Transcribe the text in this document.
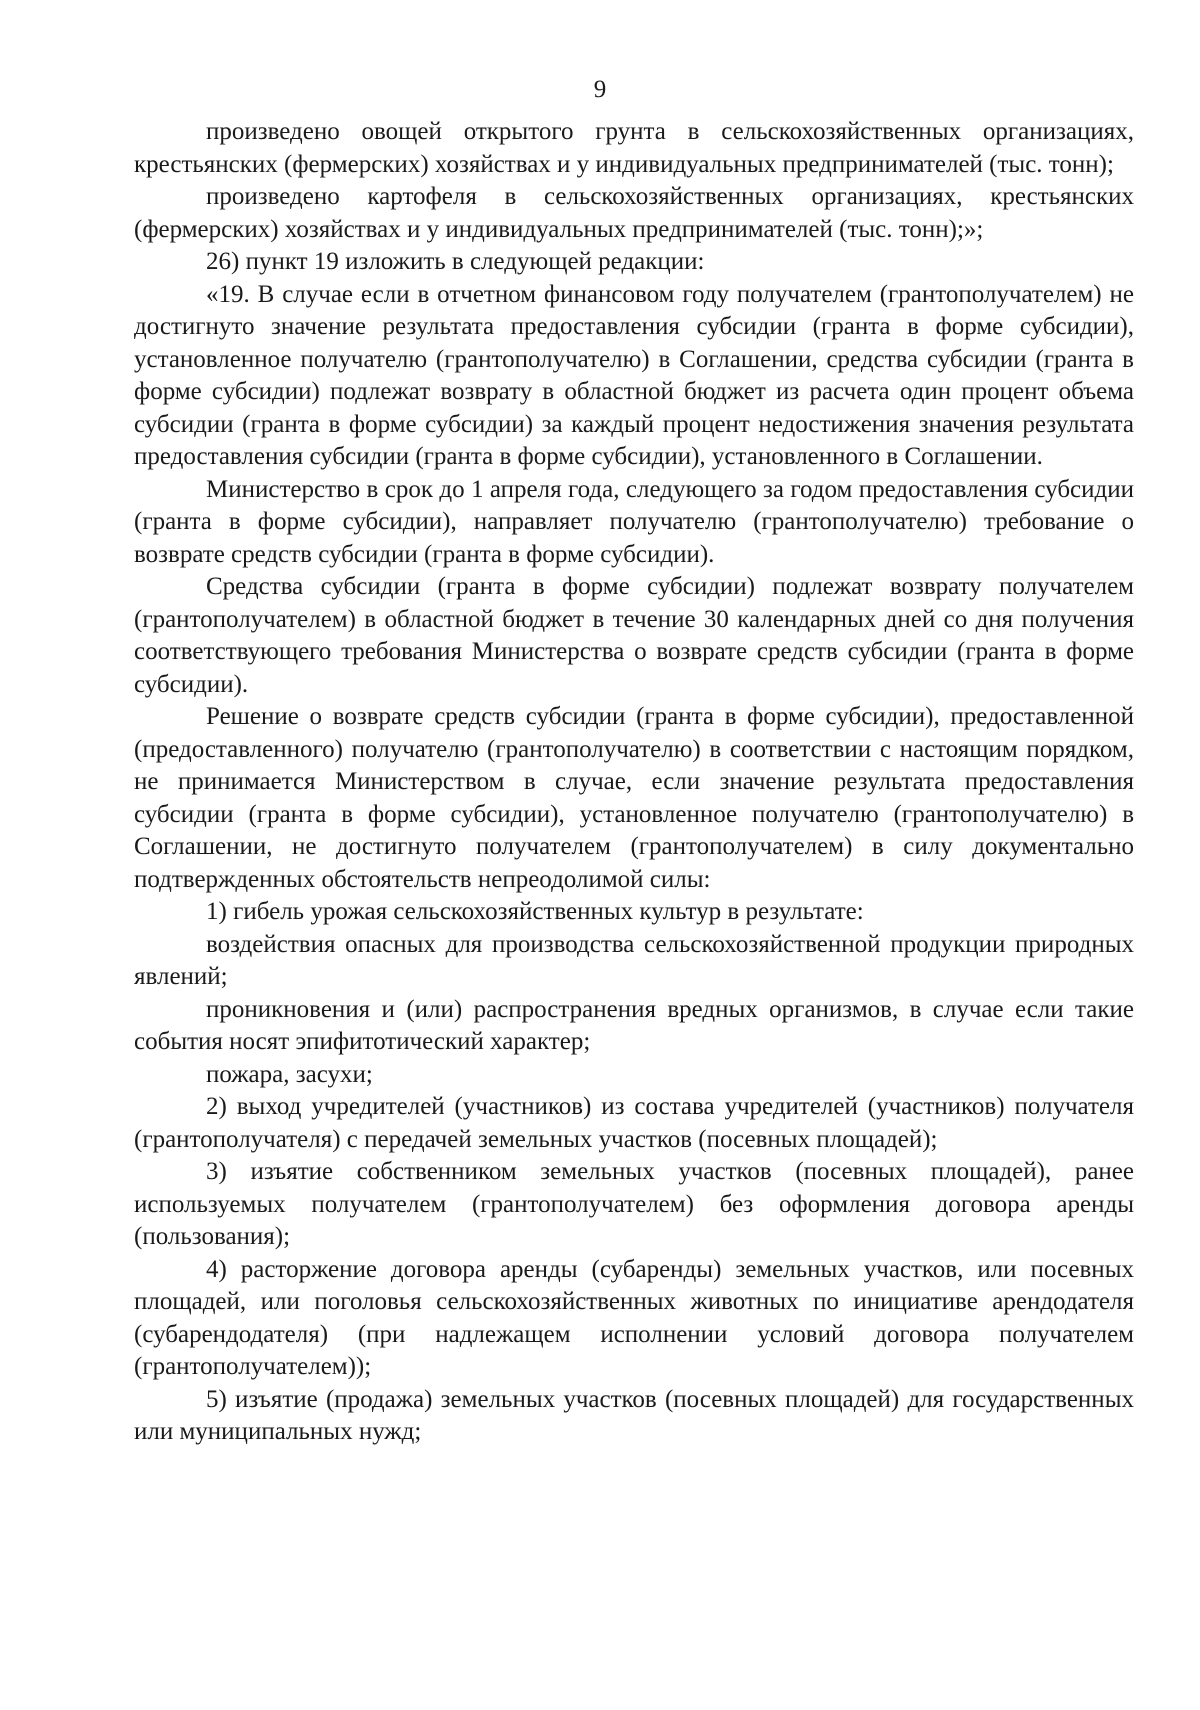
9

произведено овощей открытого грунта в сельскохозяйственных организациях, крестьянских (фермерских) хозяйствах и у индивидуальных предпринимателей (тыс. тонн);

произведено картофеля в сельскохозяйственных организациях, крестьянских (фермерских) хозяйствах и у индивидуальных предпринимателей (тыс. тонн);»;

26) пункт 19 изложить в следующей редакции:

«19. В случае если в отчетном финансовом году получателем (грантополучателем) не достигнуто значение результата предоставления субсидии (гранта в форме субсидии), установленное получателю (грантополучателю) в Соглашении, средства субсидии (гранта в форме субсидии) подлежат возврату в областной бюджет из расчета один процент объема субсидии (гранта в форме субсидии) за каждый процент недостижения значения результата предоставления субсидии (гранта в форме субсидии), установленного в Соглашении.

Министерство в срок до 1 апреля года, следующего за годом предоставления субсидии (гранта в форме субсидии), направляет получателю (грантополучателю) требование о возврате средств субсидии (гранта в форме субсидии).

Средства субсидии (гранта в форме субсидии) подлежат возврату получателем (грантополучателем) в областной бюджет в течение 30 календарных дней со дня получения соответствующего требования Министерства о возврате средств субсидии (гранта в форме субсидии).

Решение о возврате средств субсидии (гранта в форме субсидии), предоставленной (предоставленного) получателю (грантополучателю) в соответствии с настоящим порядком, не принимается Министерством в случае, если значение результата предоставления субсидии (гранта в форме субсидии), установленное получателю (грантополучателю) в Соглашении, не достигнуто получателем (грантополучателем) в силу документально подтвержденных обстоятельств непреодолимой силы:

1) гибель урожая сельскохозяйственных культур в результате:

воздействия опасных для производства сельскохозяйственной продукции природных явлений;

проникновения и (или) распространения вредных организмов, в случае если такие события носят эпифитотический характер;

пожара, засухи;

2) выход учредителей (участников) из состава учредителей (участников) получателя (грантополучателя) с передачей земельных участков (посевных площадей);

3) изъятие собственником земельных участков (посевных площадей), ранее используемых получателем (грантополучателем) без оформления договора аренды (пользования);

4) расторжение договора аренды (субаренды) земельных участков, или посевных площадей, или поголовья сельскохозяйственных животных по инициативе арендодателя (субарендодателя) (при надлежащем исполнении условий договора получателем (грантополучателем));

5) изъятие (продажа) земельных участков (посевных площадей) для государственных или муниципальных нужд;
